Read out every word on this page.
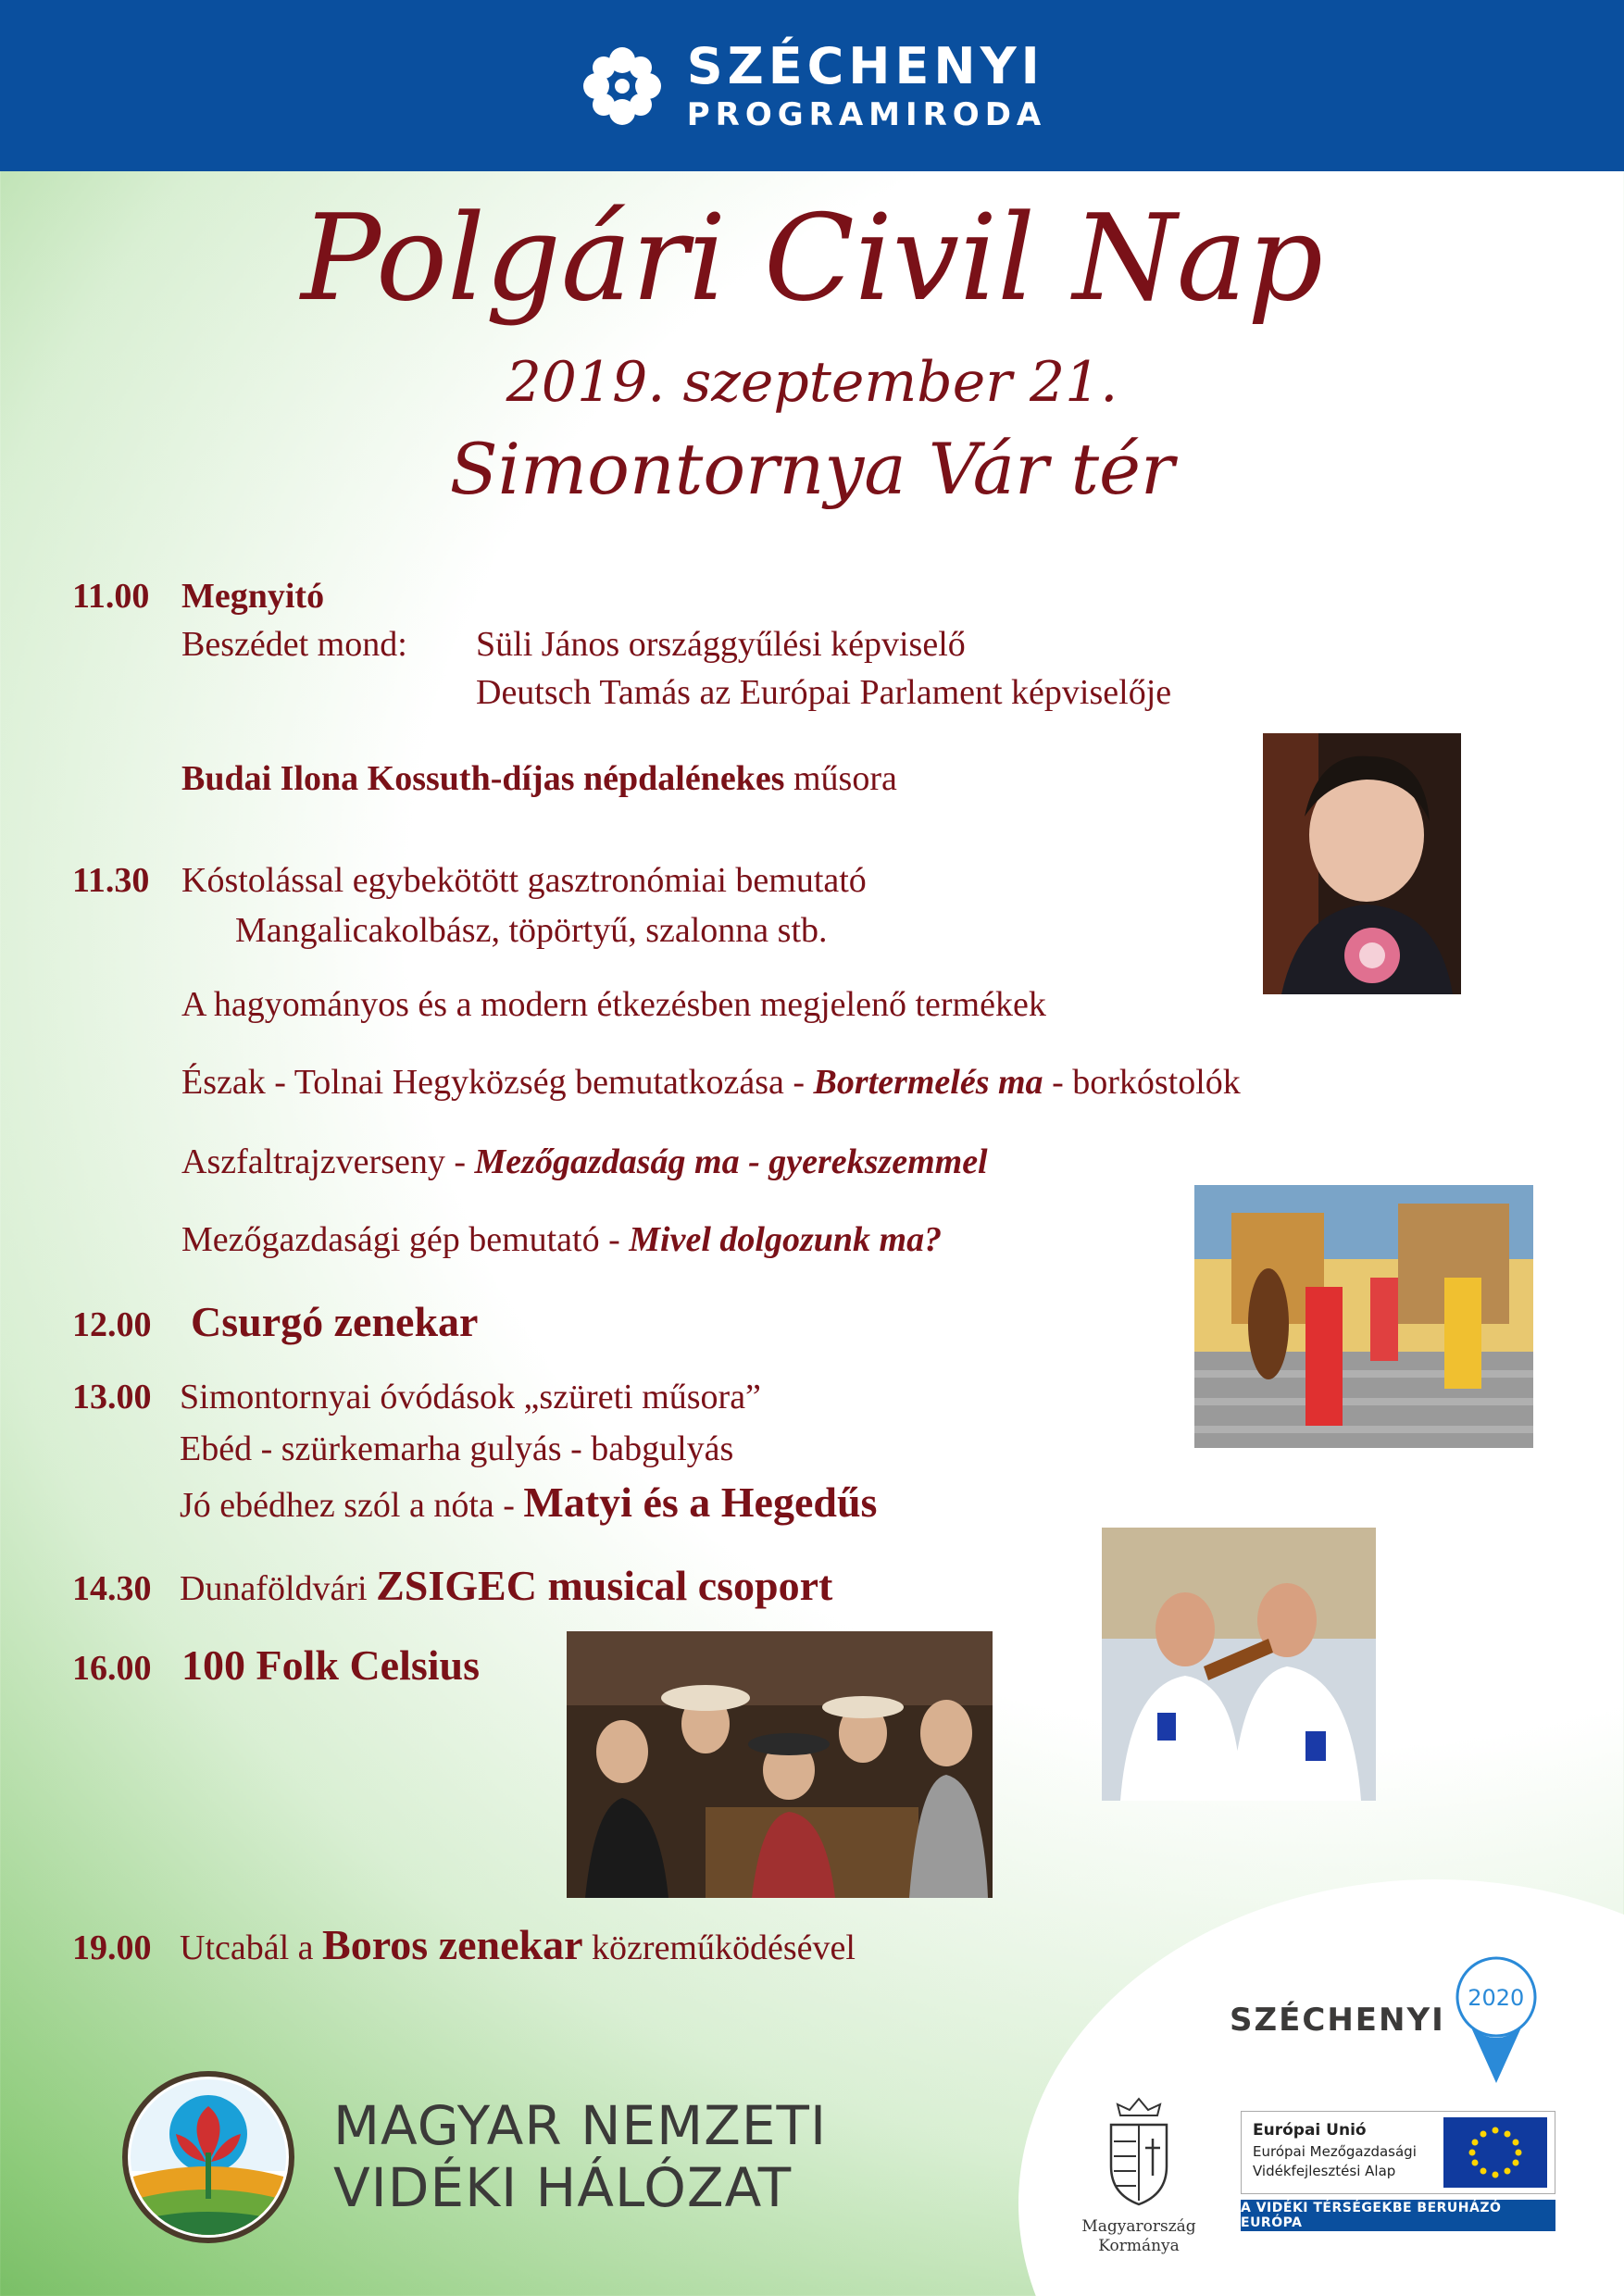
SZÉCHENYI
PROGRAMIRODA
Polgári Civil Nap
2019. szeptember 21.
Simontornya Vár tér
11.00 Megnyitó
Beszédet mond: Süli János országgyűlési képviselő
Deutsch Tamás az Európai Parlament képviselője
Budai Ilona Kossuth-díjas népdalénekes műsora
11.30 Kóstolással egybekötött gasztronómiai bemutató
Mangalicakolbász, töpörtyű, szalonna stb.
A hagyományos és a modern étkezésben megjelenő termékek
Észak - Tolnai Hegyközség bemutatkozása - Bortermelés ma - borkóstolók
Aszfaltrajzverseny - Mezőgazdaság ma - gyerekszemmel
Mezőgazdasági gép bemutató - Mivel dolgozunk ma?
12.00 Csurgó zenekar
13.00 Simontornyai óvódások „szüreti műsora”
Ebéd - szürkemarha gulyás - babgulyás
Jó ebédhez szól a nóta - Matyi és a Hegedűs
14.30 Dunaföldvári ZSIGEC musical csoport
16.00 100 Folk Celsius
19.00 Utcabál a Boros zenekar közreműködésével
MAGYAR NEMZETI
VIDÉKI HÁLÓZAT
SZÉCHENYI
2020
Magyarország
Kormánya
Európai Unió
Európai Mezőgazdasági
Vidékfejlesztési Alap
A VIDÉKI TÉRSÉGEKBE BERUHÁZÓ EURÓPA
